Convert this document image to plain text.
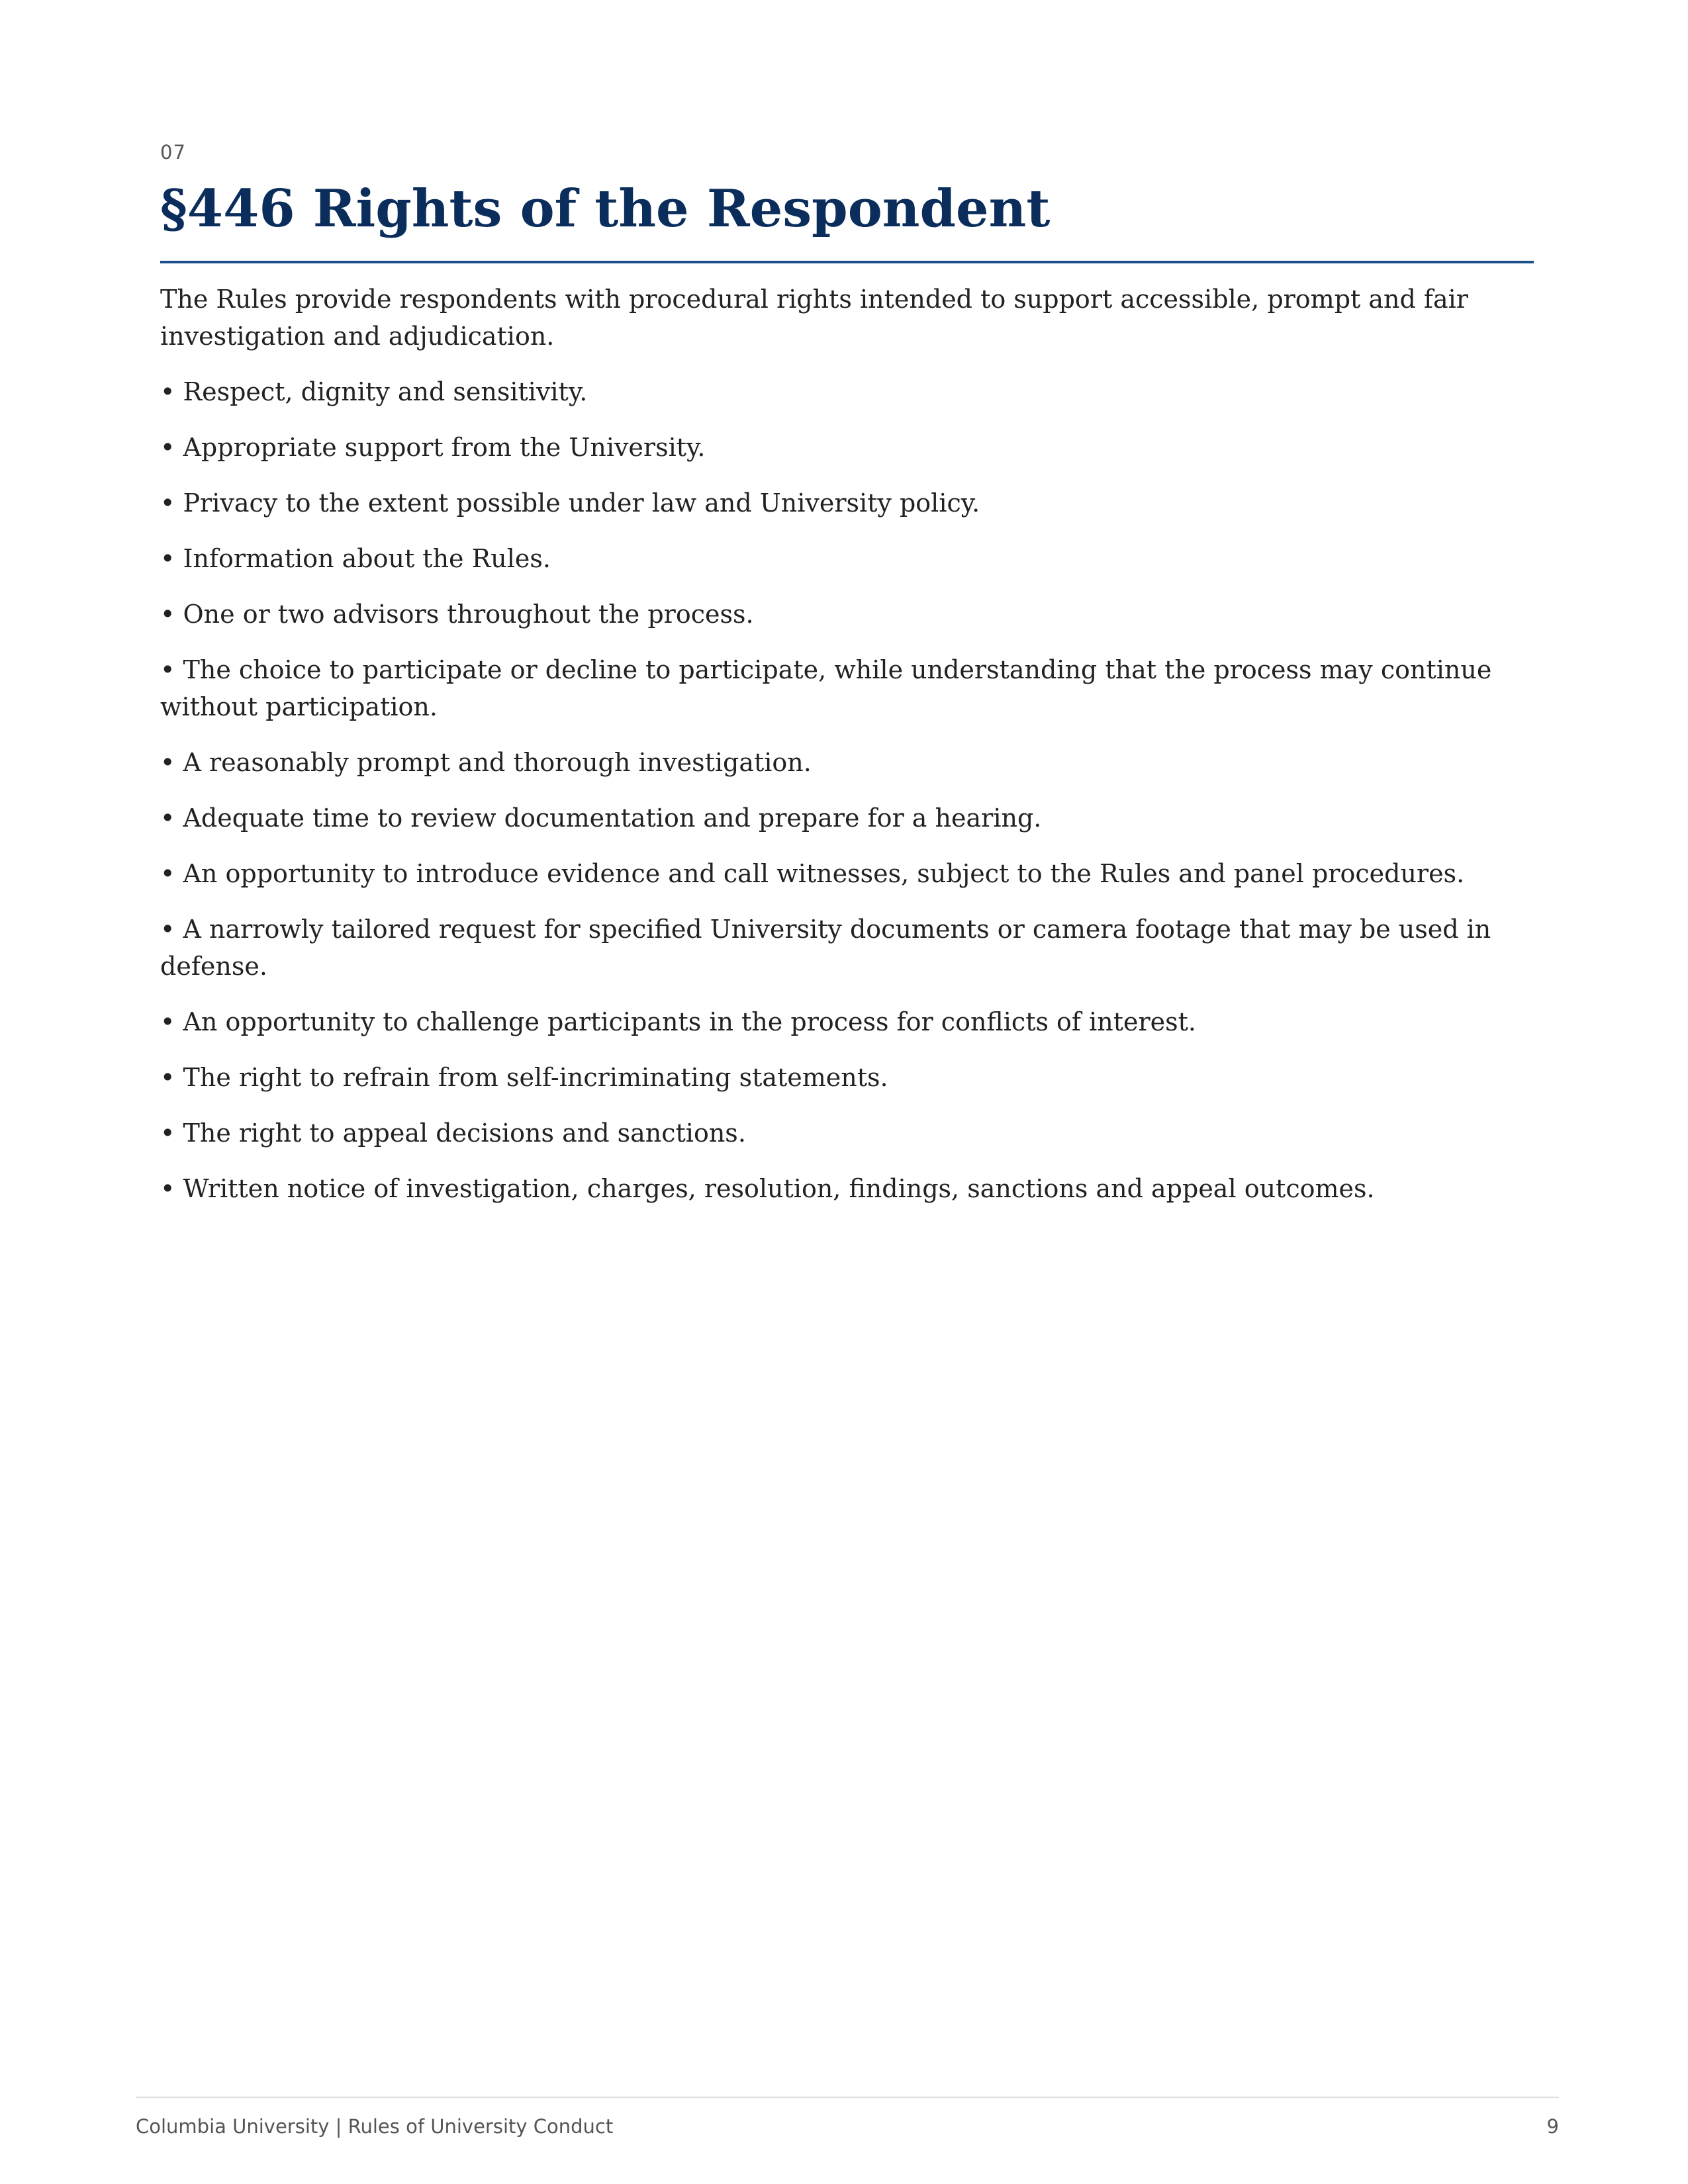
07

§446 Rights of the Respondent

The Rules provide respondents with procedural rights intended to support accessible, prompt and fair investigation and adjudication.

• Respect, dignity and sensitivity.
• Appropriate support from the University.
• Privacy to the extent possible under law and University policy.
• Information about the Rules.
• One or two advisors throughout the process.
• The choice to participate or decline to participate, while understanding that the process may continue without participation.
• A reasonably prompt and thorough investigation.
• Adequate time to review documentation and prepare for a hearing.
• An opportunity to introduce evidence and call witnesses, subject to the Rules and panel procedures.
• A narrowly tailored request for specified University documents or camera footage that may be used in defense.
• An opportunity to challenge participants in the process for conflicts of interest.
• The right to refrain from self-incriminating statements.
• The right to appeal decisions and sanctions.
• Written notice of investigation, charges, resolution, findings, sanctions and appeal outcomes.
Columbia University | Rules of University Conduct	9
